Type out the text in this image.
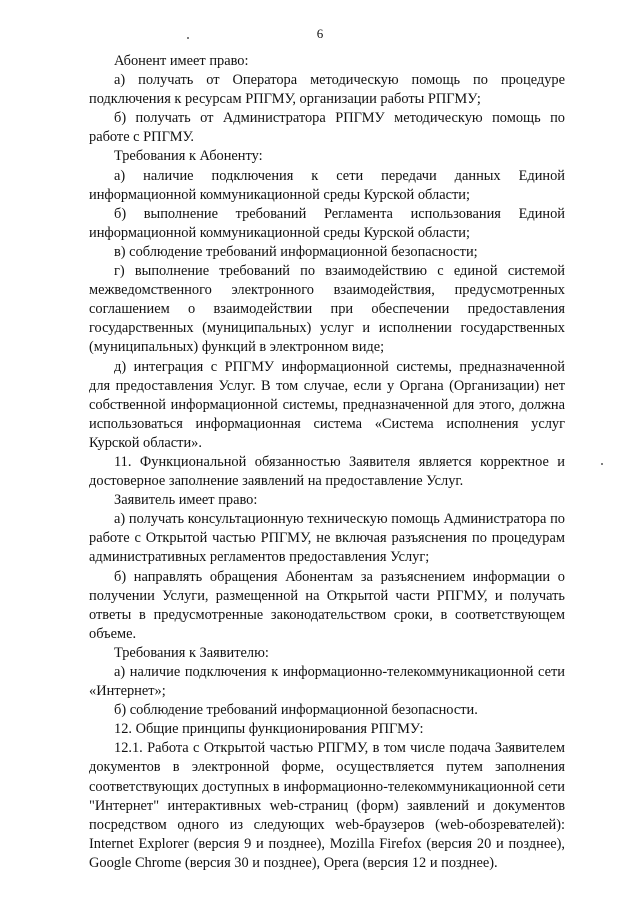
6

Абонент имеет право:

а) получать от Оператора методическую помощь по процедуре подключения к ресурсам РПГМУ, организации работы РПГМУ;

б) получать от Администратора РПГМУ методическую помощь по работе с РПГМУ.

Требования к Абоненту:

а) наличие подключения к сети передачи данных Единой информационной коммуникационной среды Курской области;

б) выполнение требований Регламента использования Единой информационной коммуникационной среды Курской области;

в) соблюдение требований информационной безопасности;

г) выполнение требований по взаимодействию с единой системой межведомственного электронного взаимодействия, предусмотренных соглашением о взаимодействии при обеспечении предоставления государственных (муниципальных) услуг и исполнении государственных (муниципальных) функций в электронном виде;

д) интеграция с РПГМУ информационной системы, предназначенной для предоставления Услуг. В том случае, если у Органа (Организации) нет собственной информационной системы, предназначенной для этого, должна использоваться информационная система «Система исполнения услуг Курской области».

11. Функциональной обязанностью Заявителя является корректное и достоверное заполнение заявлений на предоставление Услуг.

Заявитель имеет право:

а) получать консультационную техническую помощь Администратора по работе с Открытой частью РПГМУ, не включая разъяснения по процедурам административных регламентов предоставления Услуг;

б) направлять обращения Абонентам за разъяснением информации о получении Услуги, размещенной на Открытой части РПГМУ, и получать ответы в предусмотренные законодательством сроки, в соответствующем объеме.

Требования к Заявителю:

а) наличие подключения к информационно-телекоммуникационной сети «Интернет»;

б) соблюдение требований информационной безопасности.

12. Общие принципы функционирования РПГМУ:

12.1. Работа с Открытой частью РПГМУ, в том числе подача Заявителем документов в электронной форме, осуществляется путем заполнения соответствующих доступных в информационно-телекоммуникационной сети "Интернет" интерактивных web-страниц (форм) заявлений и документов посредством одного из следующих web-браузеров (web-обозревателей): Internet Explorer (версия 9 и позднее), Mozilla Firefox (версия 20 и позднее), Google Chrome (версия 30 и позднее), Opera (версия 12 и позднее).
